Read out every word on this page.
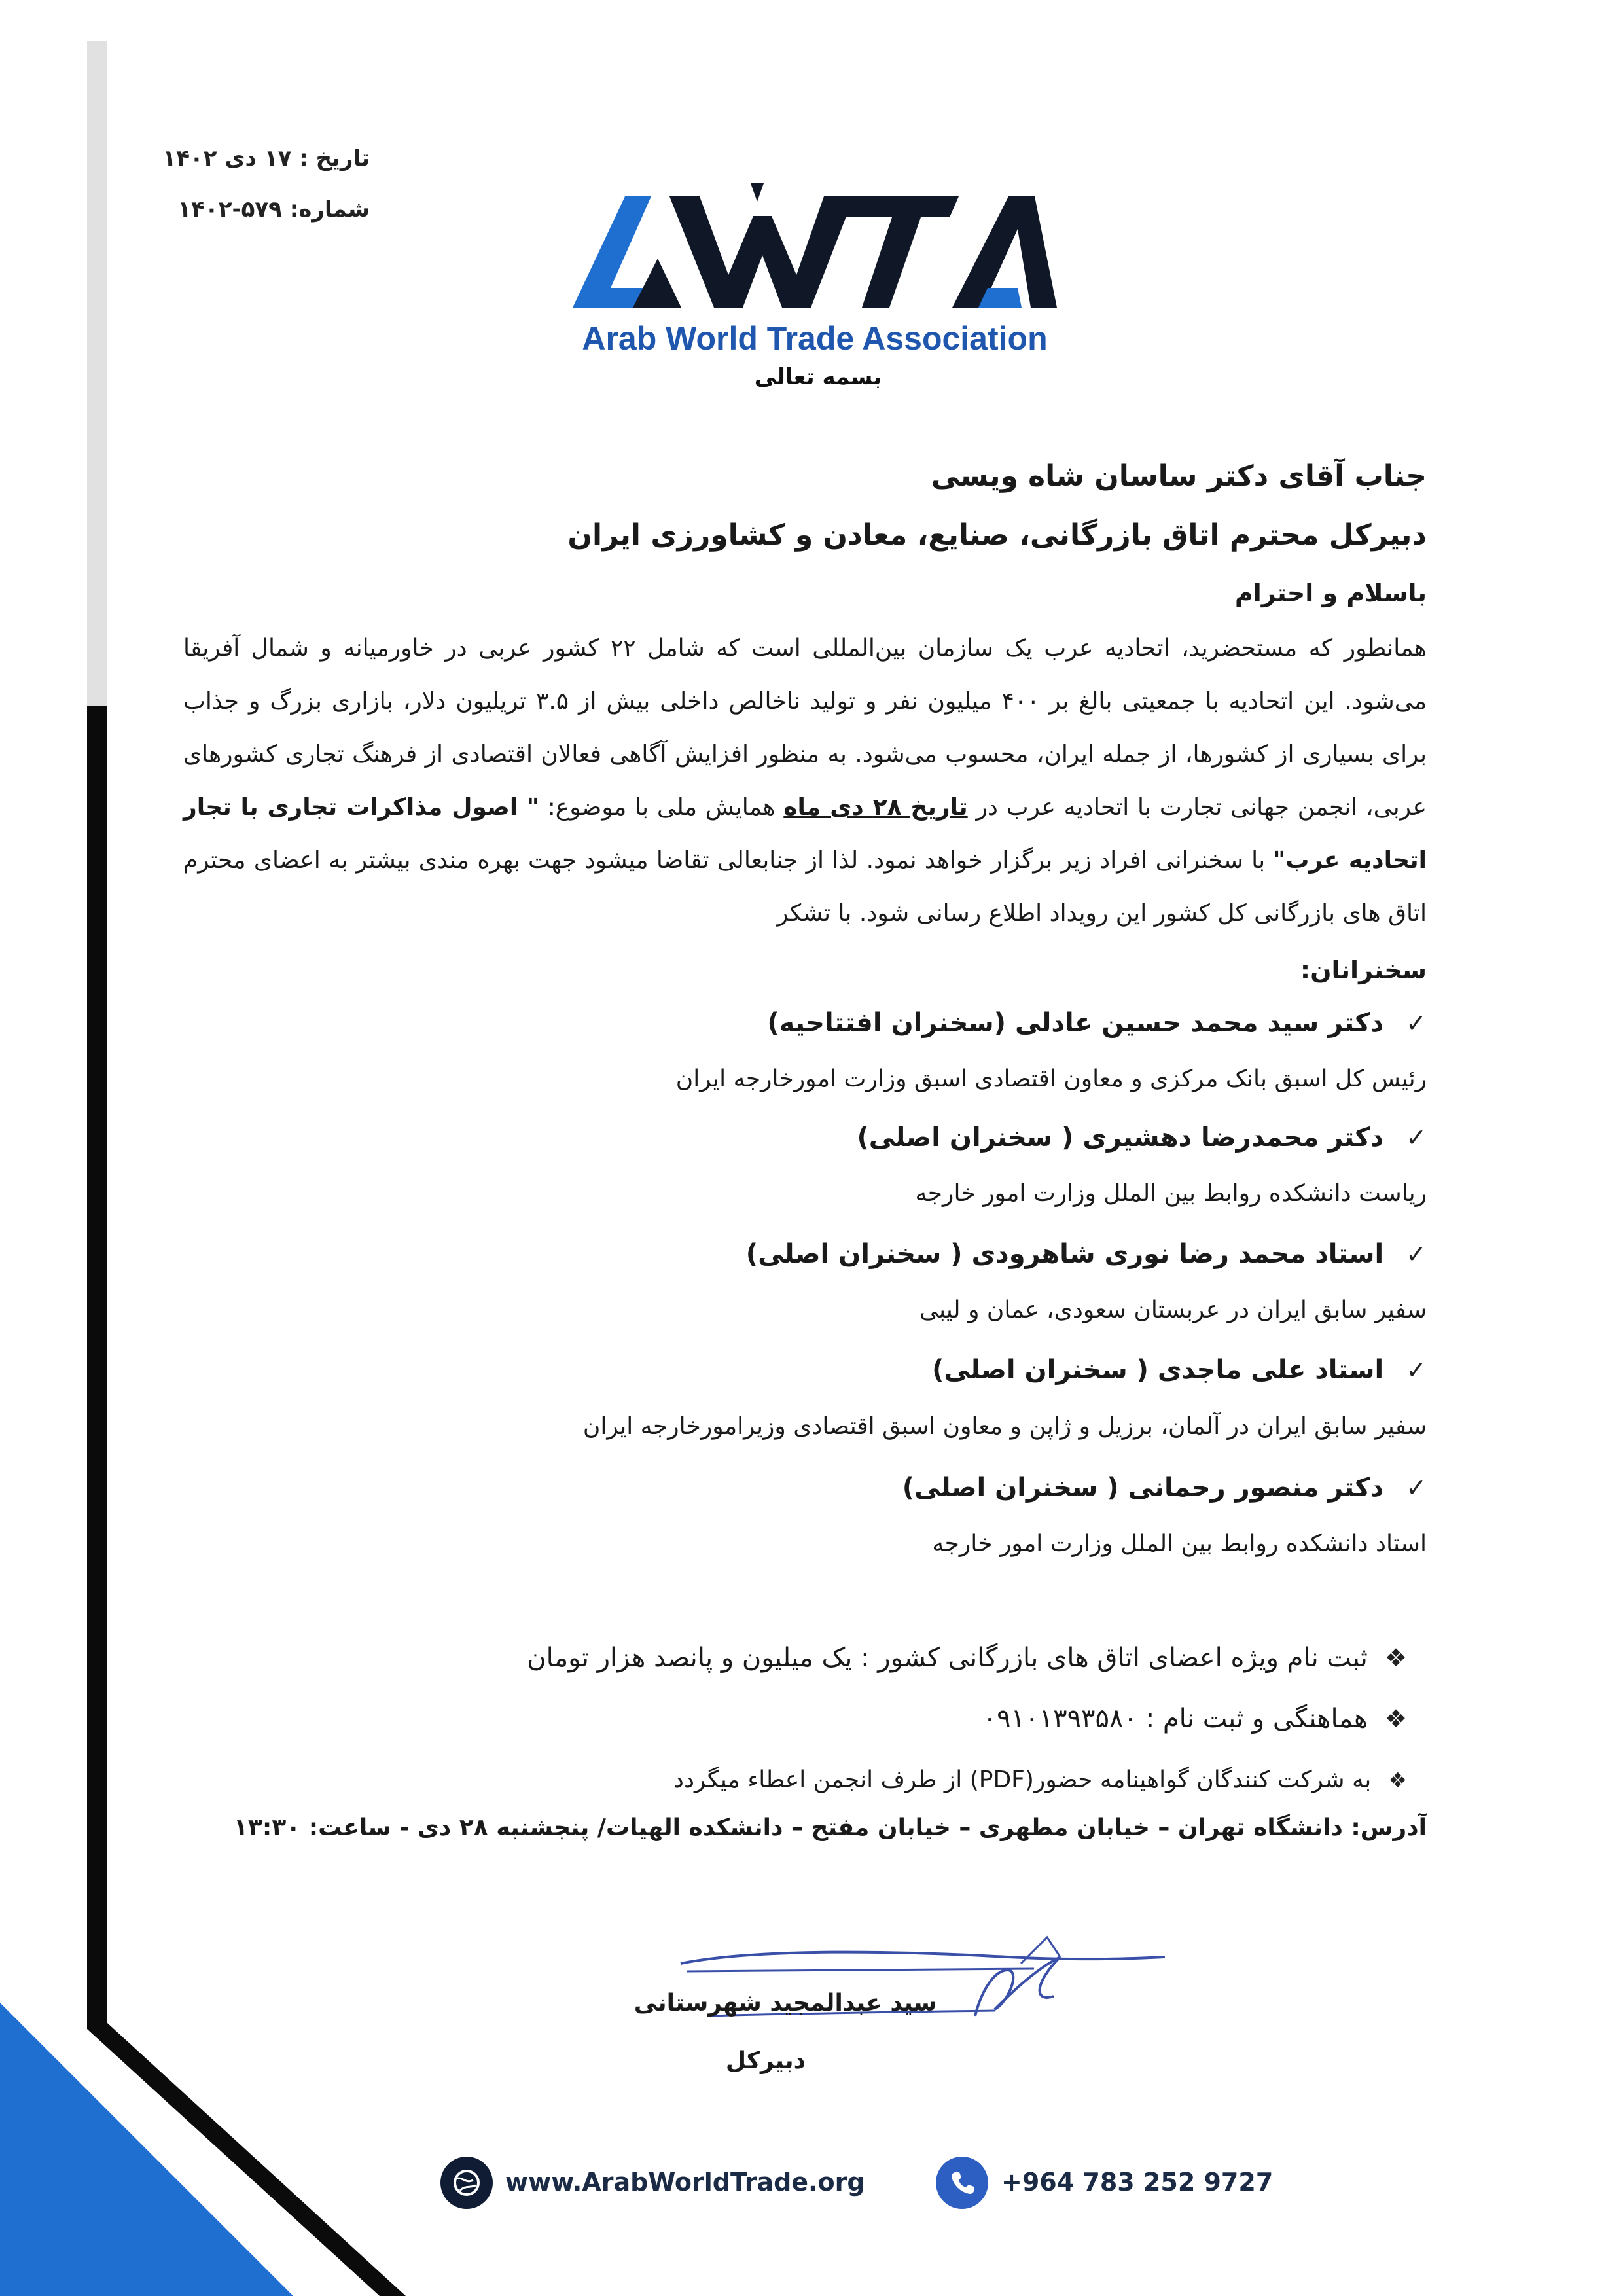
تاریخ : ۱۷ دی ۱۴۰۲
شماره: ۵۷۹-۱۴۰۲
Arab World Trade Association
بسمه تعالی
جناب آقای دکتر ساسان شاه ویسی
دبیرکل محترم اتاق بازرگانی، صنایع، معادن و کشاورزی ایران
باسلام و احترام

همانطور که مستحضرید، اتحادیه عرب یک سازمان بین‌المللی است که شامل ۲۲ کشور عربی در خاورمیانه و شمال آفریقا می‌شود. این اتحادیه با جمعیتی بالغ بر ۴۰۰ میلیون نفر و تولید ناخالص داخلی بیش از ۳.۵ تریلیون دلار، بازاری بزرگ و جذاب برای بسیاری از کشورها، از جمله ایران، محسوب می‌شود. به منظور افزایش آگاهی فعالان اقتصادی از فرهنگ تجاری کشورهای عربی، انجمن جهانی تجارت با اتحادیه عرب در تاریخ ۲۸ دی ماه همایش ملی با موضوع: " اصول مذاکرات تجاری با تجار اتحادیه عرب" با سخنرانی افراد زیر برگزار خواهد نمود. لذا از جنابعالی تقاضا میشود جهت بهره مندی بیشتر به اعضای محترم اتاق های بازرگانی کل کشور این رویداد اطلاع رسانی شود. با تشکر

سخنرانان:
✓دکتر سید محمد حسین عادلی (سخنران افتتاحیه)
رئیس کل اسبق بانک مرکزی و معاون اقتصادی اسبق وزارت امورخارجه ایران
✓دکتر محمدرضا دهشیری ( سخنران اصلی)
ریاست دانشکده روابط بین الملل وزارت امور خارجه
✓استاد محمد رضا نوری شاهرودی ( سخنران اصلی)
سفیر سابق ایران در عربستان سعودی، عمان و لیبی
✓استاد علی ماجدی ( سخنران اصلی)
سفیر سابق ایران در آلمان، برزیل و ژاپن و معاون اسبق اقتصادی وزیرامورخارجه ایران
✓دکتر منصور رحمانی ( سخنران اصلی)
استاد دانشکده روابط بین الملل وزارت امور خارجه
❖ثبت نام ویژه اعضای اتاق های بازرگانی کشور : یک میلیون و پانصد هزار تومان
❖هماهنگی و ثبت نام : ۰۹۱۰۱۳۹۳۵۸۰
❖به شرکت کنندگان گواهینامه حضور(PDF) از طرف انجمن اعطاء میگردد
آدرس: دانشگاه تهران – خیابان مطهری – خیابان مفتح – دانشکده الهیات/ پنجشنبه ۲۸ دی - ساعت: ۱۳:۳۰
سید عبدالمجید شهرستانی
دبیرکل
www.ArabWorldTrade.org	+964 783 252 9727
